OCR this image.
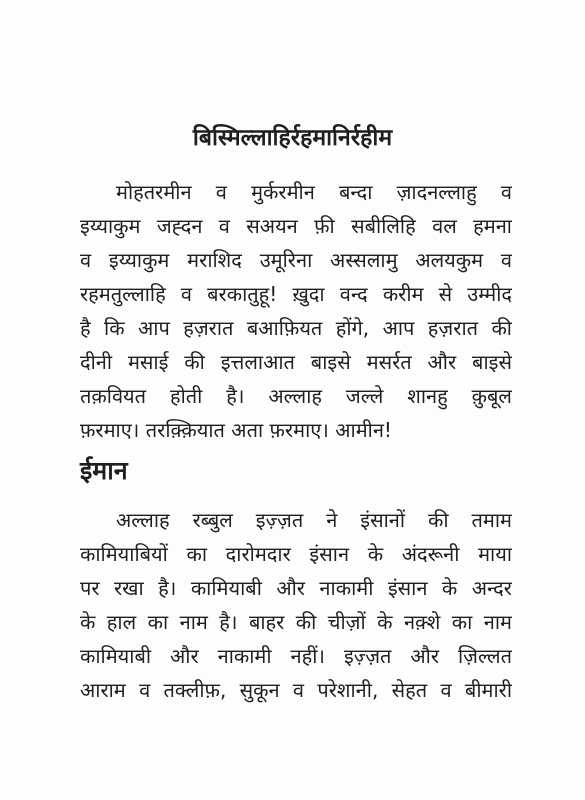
बिस्मिल्लाहिर्रहमानिर्रहीम
मोहतरमीन व मुर्करमीन बन्दा ज़ादनल्लाहु व
इय्याकुम जह्दन व सअयन फ़ी सबीलिहि वल हमना
व इय्याकुम मराशिद उमूरिना अस्सलामु अलयकुम व
रहमतुल्लाहि व बरकातुहू! ख़ुदा वन्द करीम से उम्मीद
है कि आप हज़रात बआफ़ियत होंगे, आप हज़रात की
दीनी मसाई की इत्तलाआत बाइसे मसर्रत और बाइसे
तक़वियत होती है। अल्लाह जल्ले शानहु क़ुबूल
फ़रमाए। तरक़्क़ियात अता फ़रमाए। आमीन!
ईमान
अल्लाह रब्बुल इज़्ज़त ने इंसानों की तमाम
कामियाबियों का दारोमदार इंसान के अंदरूनी माया
पर रखा है। कामियाबी और नाकामी इंसान के अन्दर
के हाल का नाम है। बाहर की चीज़ों के नक़्शे का नाम
कामियाबी और नाकामी नहीं। इज़्ज़त और ज़िल्लत
आराम व तक्लीफ़, सुकून व परेशानी, सेहत व बीमारी
